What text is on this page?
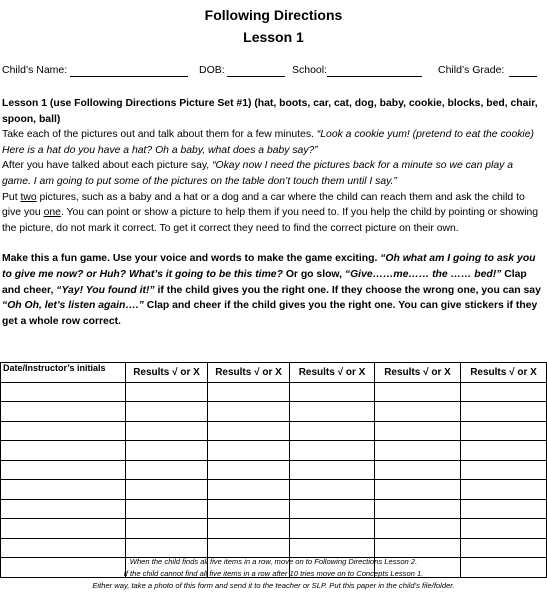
Following Directions
Lesson 1
Child’s Name:	DOB:	School:	Child’s Grade:

Lesson 1 (use Following Directions Picture Set #1) (hat, boots, car, cat, dog, baby, cookie, blocks, bed, chair, spoon, ball)

Take each of the pictures out and talk about them for a few minutes. “Look a cookie yum! (pretend to eat the cookie) Here is a hat do you have a hat? Oh a baby, what does a baby say?”

After you have talked about each picture say, “Okay now I need the pictures back for a minute so we can play a game. I am going to put some of the pictures on the table don’t touch them until I say.”

Put two pictures, such as a baby and a hat or a dog and a car where the child can reach them and ask the child to give you one. You can point or show a picture to help them if you need to. If you help the child by pointing or showing the picture, do not mark it correct. To get it correct they need to find the correct picture on their own.

Make this a fun game. Use your voice and words to make the game exciting. “Oh what am I going to ask you to give me now? or Huh? What’s it going to be this time? Or go slow, “Give……me…… the …… bed!” Clap and cheer, “Yay! You found it!” if the child gives you the right one. If they choose the wrong one, you can say “Oh Oh, let’s listen again….” Clap and cheer if the child gives you the right one. You can give stickers if they get a whole row correct.

Date/Instructor’s initials	Results √ or X	Results √ or X	Results √ or X	Results √ or X	Results √ or X

When the child finds all five items in a row, move on to Following Directions Lesson 2.

If the child cannot find all five items in a row after 10 tries move on to Concepts Lesson 1.

Either way, take a photo of this form and send it to the teacher or SLP. Put this paper in the child’s file/folder.
